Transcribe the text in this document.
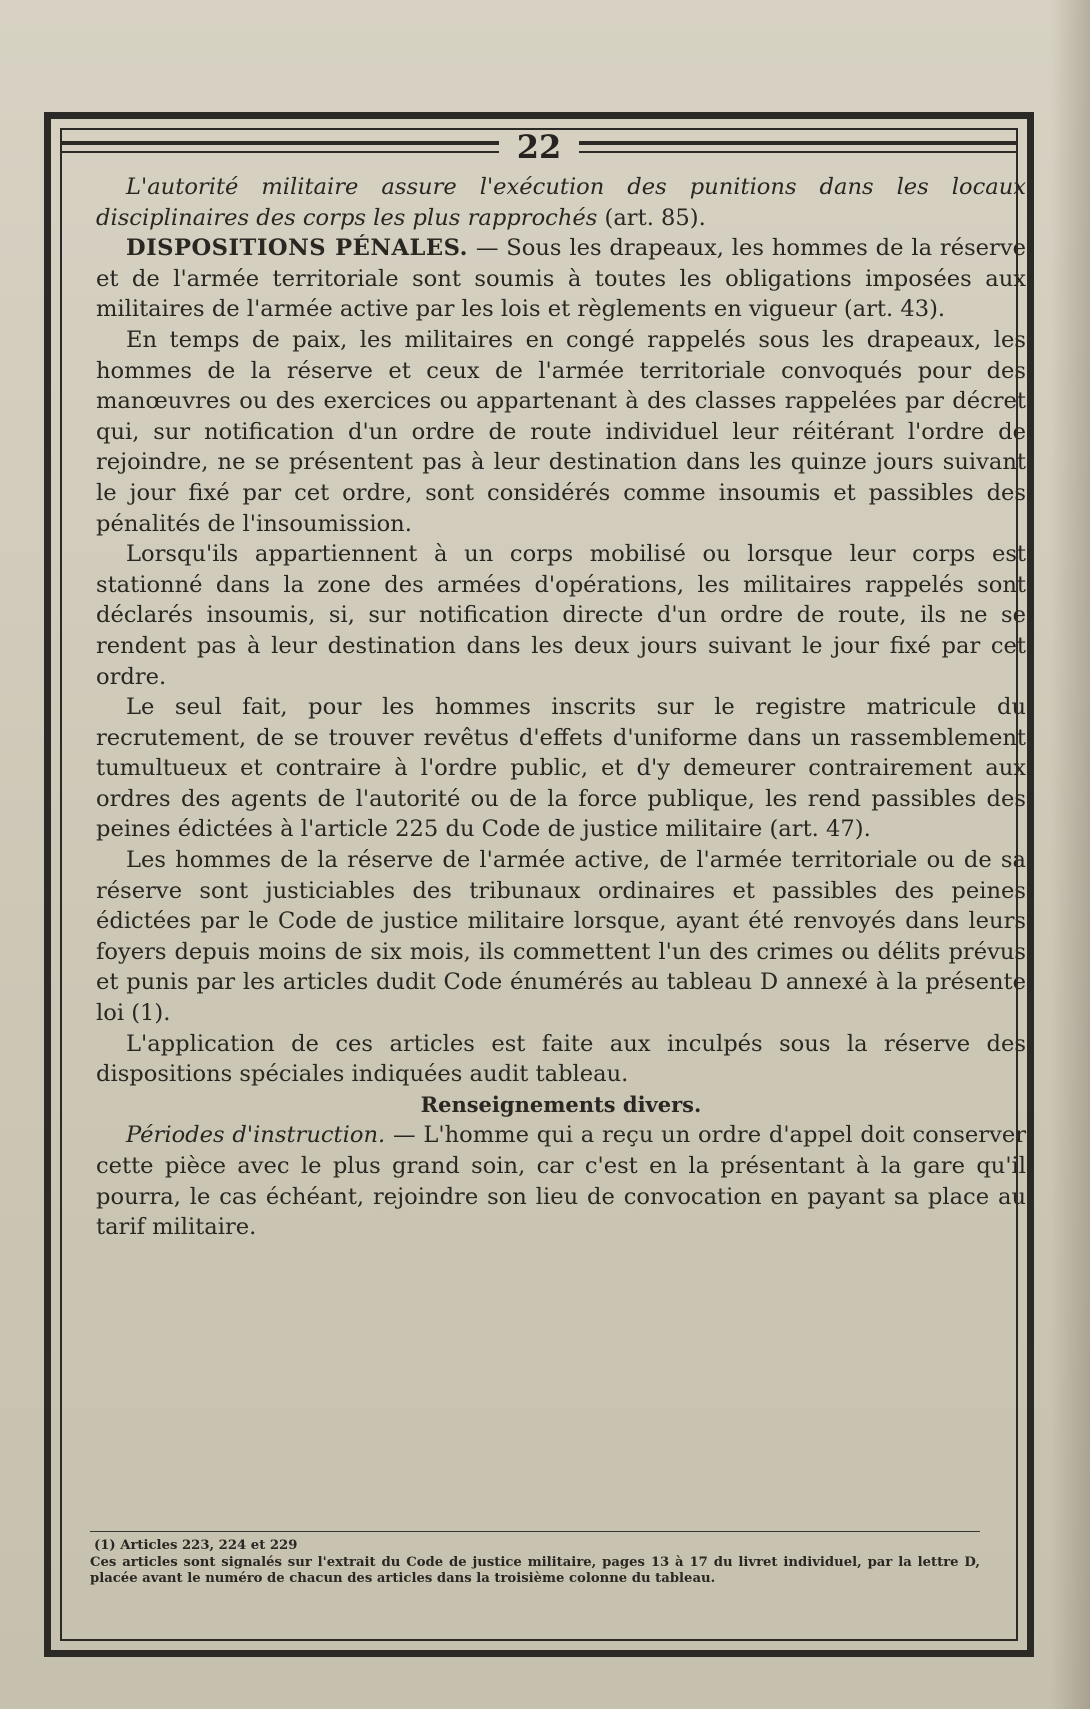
22

L'autorité militaire assure l'exécution des punitions dans les locaux disciplinaires des corps les plus rapprochés (art. 85).

DISPOSITIONS PÉNALES. — Sous les drapeaux, les hommes de la réserve et de l'armée territoriale sont soumis à toutes les obligations imposées aux militaires de l'armée active par les lois et règlements en vigueur (art. 43).

En temps de paix, les militaires en congé rappelés sous les drapeaux, les hommes de la réserve et ceux de l'armée territoriale convoqués pour des manœuvres ou des exercices ou appartenant à des classes rappelées par décret qui, sur notification d'un ordre de route individuel leur réitérant l'ordre de rejoindre, ne se présentent pas à leur destination dans les quinze jours suivant le jour fixé par cet ordre, sont considérés comme insoumis et passibles des pénalités de l'insoumission.

Lorsqu'ils appartiennent à un corps mobilisé ou lorsque leur corps est stationné dans la zone des armées d'opérations, les militaires rappelés sont déclarés insoumis, si, sur notification directe d'un ordre de route, ils ne se rendent pas à leur destination dans les deux jours suivant le jour fixé par cet ordre.

Le seul fait, pour les hommes inscrits sur le registre matricule du recrutement, de se trouver revêtus d'effets d'uniforme dans un rassemblement tumultueux et contraire à l'ordre public, et d'y demeurer contrairement aux ordres des agents de l'autorité ou de la force publique, les rend passibles des peines édictées à l'article 225 du Code de justice militaire (art. 47).

Les hommes de la réserve de l'armée active, de l'armée territoriale ou de sa réserve sont justiciables des tribunaux ordinaires et passibles des peines édictées par le Code de justice militaire lorsque, ayant été renvoyés dans leurs foyers depuis moins de six mois, ils commettent l'un des crimes ou délits prévus et punis par les articles dudit Code énumérés au tableau D annexé à la présente loi (1).

L'application de ces articles est faite aux inculpés sous la réserve des dispositions spéciales indiquées audit tableau.

Renseignements divers.

Périodes d'instruction. — L'homme qui a reçu un ordre d'appel doit conserver cette pièce avec le plus grand soin, car c'est en la présentant à la gare qu'il pourra, le cas échéant, rejoindre son lieu de convocation en payant sa place au tarif militaire.

(1) Articles 223, 224 et 229

Ces articles sont signalés sur l'extrait du Code de justice militaire, pages 13 à 17 du livret individuel, par la lettre D, placée avant le numéro de chacun des articles dans la troisième colonne du tableau.
